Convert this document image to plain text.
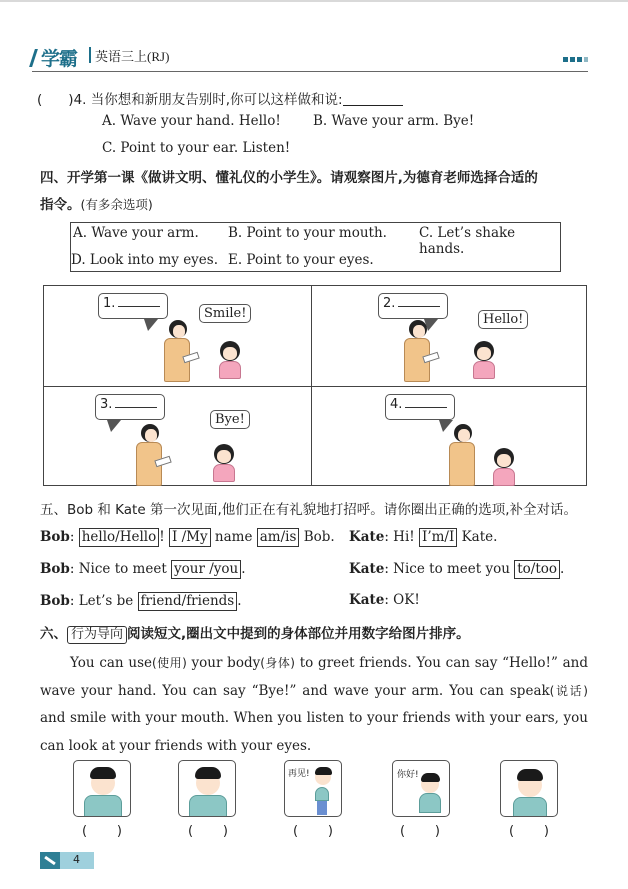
学霸 英语三上(RJ)
( )4. 当你想和新朋友告别时,你可以这样做和说:
A. Wave your hand. Hello! B. Wave your arm. Bye!
C. Point to your ear. Listen!
四、开学第一课《做讲文明、懂礼仪的小学生》。请观察图片,为德育老师选择合适的
指令。(有多余选项)
A. Wave your arm. B. Point to your mouth. C. Let’s shake hands.
D. Look into my eyes. E. Point to your eyes.
1.
Smile!
2.
Hello!
3.
Bye!
4.
五、Bob 和 Kate 第一次见面,他们正在有礼貌地打招呼。请你圈出正确的选项,补全对话。
Bob: hello/Hello ! I /My name am/is Bob. Kate: Hi! I’m/I Kate.
Bob: Nice to meet your /you .	Kate: Nice to meet you to/too .
Bob: Let’s be friend/friends .	Kate: OK!
六、 行为导向 阅读短文,圈出文中提到的身体部位并用数字给图片排序。
You can use(使用) your body(身体) to greet friends. You can say “Hello!” and wave your hand. You can say “Bye!” and wave your arm. You can speak(说话) and smile with your mouth. When you listen to your friends with your ears, you can look at your friends with your eyes.
( )	( )
再见!
( )
你好!
( )	( )
4
